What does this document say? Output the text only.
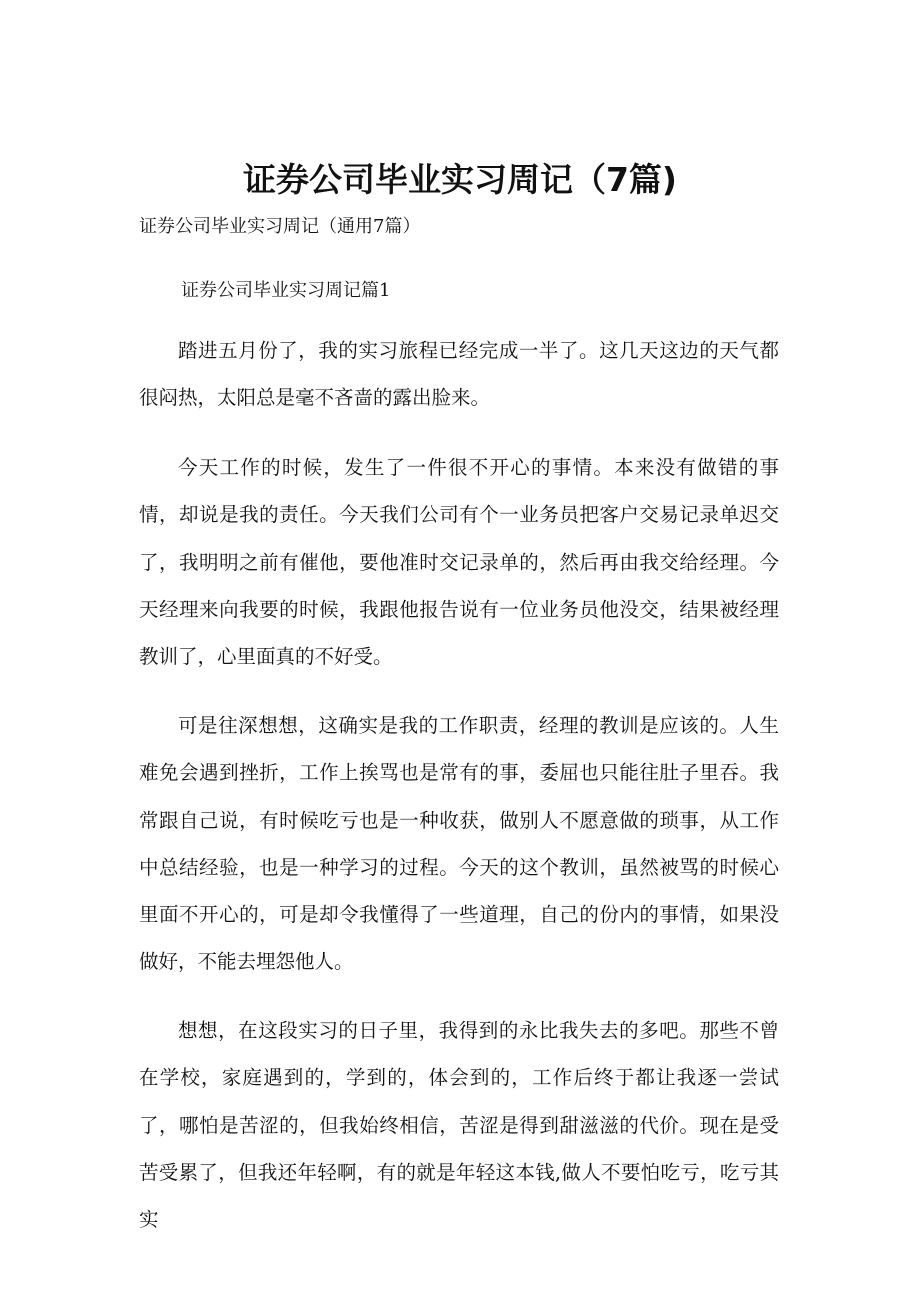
证券公司毕业实习周记（7篇)
证券公司毕业实习周记（通用7篇）
证券公司毕业实习周记篇1

踏进五月份了，我的实习旅程已经完成一半了。这几天这边的天气都很闷热，太阳总是毫不吝啬的露出脸来。

今天工作的时候，发生了一件很不开心的事情。本来没有做错的事情，却说是我的责任。今天我们公司有个一业务员把客户交易记录单迟交了，我明明之前有催他，要他准时交记录单的，然后再由我交给经理。今天经理来向我要的时候，我跟他报告说有一位业务员他没交，结果被经理教训了，心里面真的不好受。

可是往深想想，这确实是我的工作职责，经理的教训是应该的。人生难免会遇到挫折，工作上挨骂也是常有的事，委屈也只能往肚子里吞。我常跟自己说，有时候吃亏也是一种收获，做别人不愿意做的琐事，从工作中总结经验，也是一种学习的过程。今天的这个教训，虽然被骂的时候心里面不开心的，可是却令我懂得了一些道理，自己的份内的事情，如果没做好，不能去埋怨他人。

想想，在这段实习的日子里，我得到的永比我失去的多吧。那些不曾在学校，家庭遇到的，学到的，体会到的，工作后终于都让我逐一尝试了，哪怕是苦涩的，但我始终相信，苦涩是得到甜滋滋的代价。现在是受苦受累了，但我还年轻啊，有的就是年轻这本钱,做人不要怕吃亏，吃亏其实
